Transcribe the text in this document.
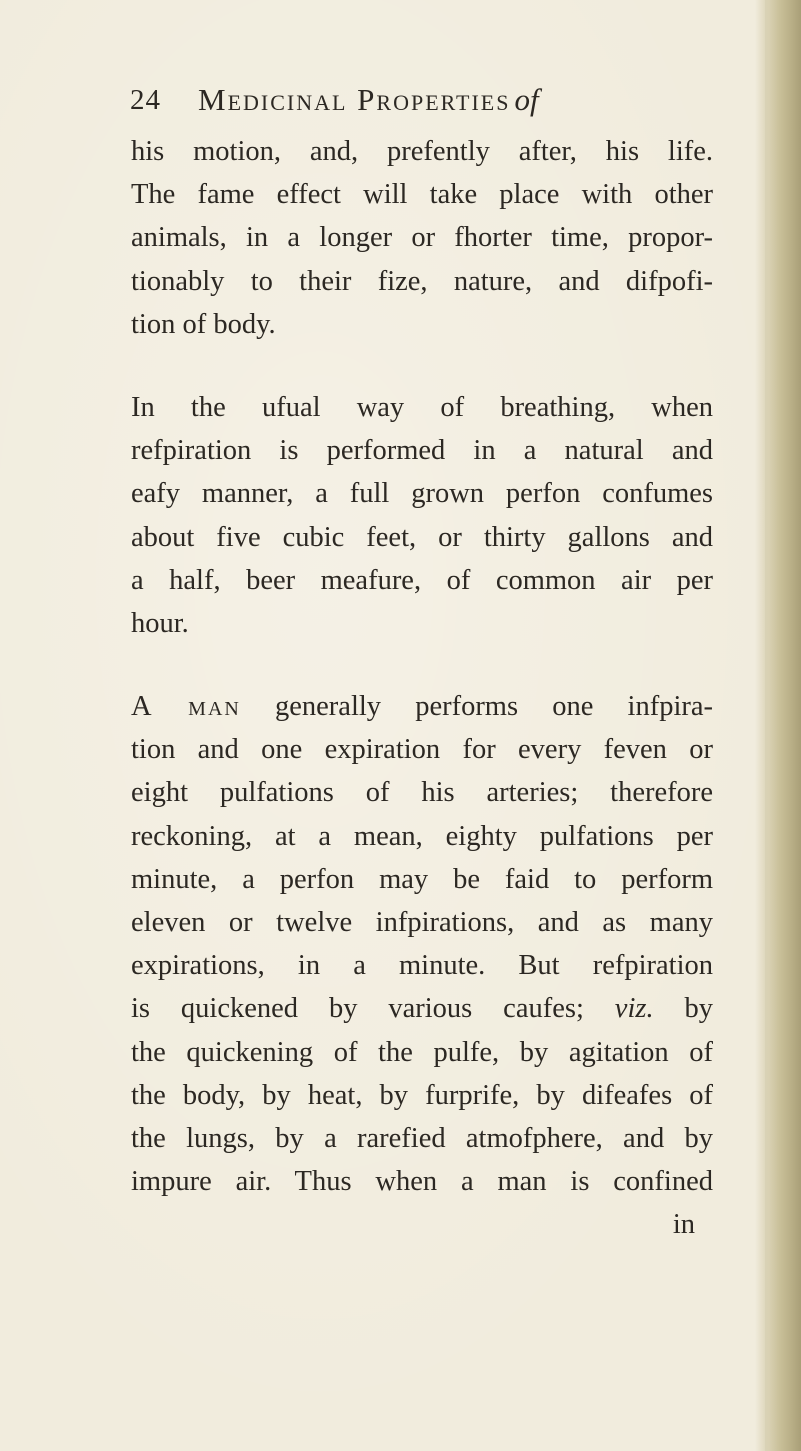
24 Medicinal Properties of
his motion, and, prefently after, his life.
The fame effect will take place with other
animals, in a longer or fhorter time, propor-
tionably to their fize, nature, and difpofi-
tion of body.
In the ufual way of breathing, when
refpiration is performed in a natural and
eafy manner, a full grown perfon confumes
about five cubic feet, or thirty gallons and
a half, beer meafure, of common air per
hour.
A man generally performs one infpira-
tion and one expiration for every feven or
eight pulfations of his arteries; therefore
reckoning, at a mean, eighty pulfations per
minute, a perfon may be faid to perform
eleven or twelve infpirations, and as many
expirations, in a minute. But refpiration
is quickened by various caufes; viz. by
the quickening of the pulfe, by agitation of
the body, by heat, by furprife, by difeafes of
the lungs, by a rarefied atmofphere, and by
impure air. Thus when a man is confined
in
